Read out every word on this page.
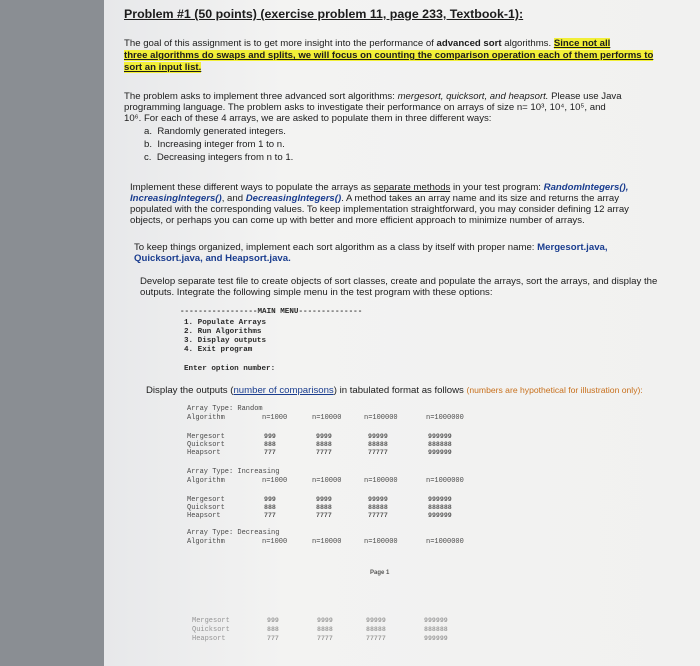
Problem #1 (50 points) (exercise problem 11, page 233, Textbook-1):
The goal of this assignment is to get more insight into the performance of advanced sort algorithms. Since not all
three algorithms do swaps and splits, we will focus on counting the comparison operation each of them performs to
sort an input list.
The problem asks to implement three advanced sort algorithms: mergesort, quicksort, and heapsort. Please use Java
programming language. The problem asks to investigate their performance on arrays of size n= 10³, 10⁴, 10⁵, and
10⁶. For each of these 4 arrays, we are asked to populate them in three different ways:
a. Randomly generated integers.
b. Increasing integer from 1 to n.
c. Decreasing integers from n to 1.
Implement these different ways to populate the arrays as separate methods in your test program: RandomIntegers(),
IncreasingIntegers(), and DecreasingIntegers(). A method takes an array name and its size and returns the array
populated with the corresponding values. To keep implementation straightforward, you may consider defining 12 array
objects, or perhaps you can come up with better and more efficient approach to minimize number of arrays.
To keep things organized, implement each sort algorithm as a class by itself with proper name: Mergesort.java,
Quicksort.java, and Heapsort.java.
Develop separate test file to create objects of sort classes, create and populate the arrays, sort the arrays, and display the
outputs. Integrate the following simple menu in the test program with these options:
-----------------MAIN MENU--------------
1. Populate Arrays
2. Run Algorithms
3. Display outputs
4. Exit program
Enter option number:
Display the outputs (number of comparisons) in tabulated format as follows (numbers are hypothetical for illustration only):
Array Type: Random
Algorithm	n=1000	n=10000	n=100000	n=1000000
Mergesort	999	9999	99999	999999
Quicksort	888	8888	88888	888888
Heapsort	777	7777	77777	999999
Array Type: Increasing
Algorithm	n=1000	n=10000	n=100000	n=1000000
Mergesort	999	9999	99999	999999
Quicksort	888	8888	88888	888888
Heapsort	777	7777	77777	999999
Array Type: Decreasing
Algorithm	n=1000	n=10000	n=100000	n=1000000
Page 1
Mergesort	999	9999	99999	999999
Quicksort	888	8888	88888	888888
Heapsort	777	7777	77777	999999
